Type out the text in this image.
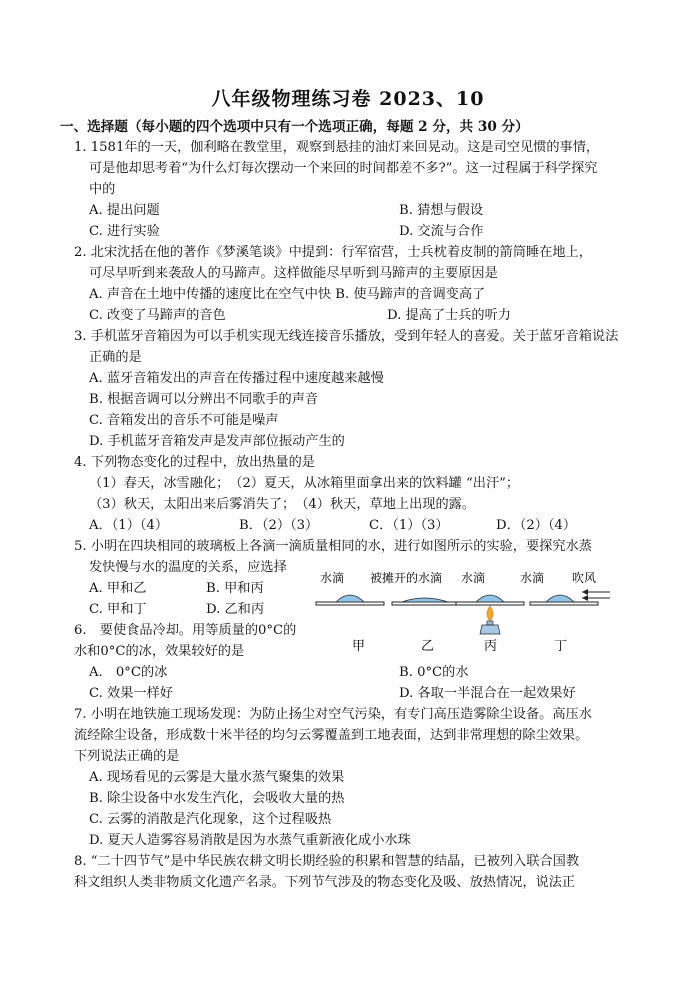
八年级物理练习卷 2023、10
一、选择题（每小题的四个选项中只有一个选项正确，每题 2 分，共 30 分）
1. 1581年的一天，伽利略在教堂里，观察到悬挂的油灯来回晃动。这是司空见惯的事情，
可是他却思考着“为什么灯每次摆动一个来回的时间都差不多?”。这一过程属于科学探究
中的
A. 提出问题	B. 猜想与假设
C. 进行实验	D. 交流与合作
2. 北宋沈括在他的著作《梦溪笔谈》中提到：行军宿营，士兵枕着皮制的箭筒睡在地上，
可尽早听到来袭敌人的马蹄声。这样做能尽早听到马蹄声的主要原因是
A. 声音在土地中传播的速度比在空气中快 B. 使马蹄声的音调变高了
C. 改变了马蹄声的音色	D. 提高了士兵的听力
3. 手机蓝牙音箱因为可以手机实现无线连接音乐播放，受到年轻人的喜爱。关于蓝牙音箱说法
正确的是
A. 蓝牙音箱发出的声音在传播过程中速度越来越慢
B. 根据音调可以分辨出不同歌手的声音
C. 音箱发出的音乐不可能是噪声
D. 手机蓝牙音箱发声是发声部位振动产生的
4. 下列物态变化的过程中，放出热量的是
（1）春天，冰雪融化；　（2）夏天，从冰箱里面拿出来的饮料罐 “出汗”；
（3）秋天，太阳出来后雾消失了；　（4）秋天，草地上出现的露。
A．（1）（4）	B．（2）（3）	C．（1）（3）	D．（2）（4）
5. 小明在四块相同的玻璃板上各滴一滴质量相同的水，进行如图所示的实验，要探究水蒸
发快慢与水的温度的关系，应选择
A. 甲和乙	B. 甲和丙
C. 甲和丁	D. 乙和丙
水滴 被摊开的水滴 水滴	水滴 吹风
甲	乙	丙	丁
6.　要使食品冷却。用等质量的0°C的
水和0°C的冰，效果较好的是
A.　0°C的冰	B. 0°C的水
C. 效果一样好	D. 各取一半混合在一起效果好
7. 小明在地铁施工现场发现：为防止扬尘对空气污染，有专门高压造雾除尘设备。高压水
流经除尘设备，形成数十米半径的均匀云雾覆盖到工地表面，达到非常理想的除尘效果。
下列说法正确的是
A. 现场看见的云雾是大量水蒸气聚集的效果
B. 除尘设备中水发生汽化，会吸收大量的热
C. 云雾的消散是汽化现象，这个过程吸热
D. 夏天人造雾容易消散是因为水蒸气重新液化成小水珠
8. “二十四节气”是中华民族农耕文明长期经验的积累和智慧的结晶，已被列入联合国教
科文组织人类非物质文化遗产名录。下列节气涉及的物态变化及吸、放热情况，说法正
